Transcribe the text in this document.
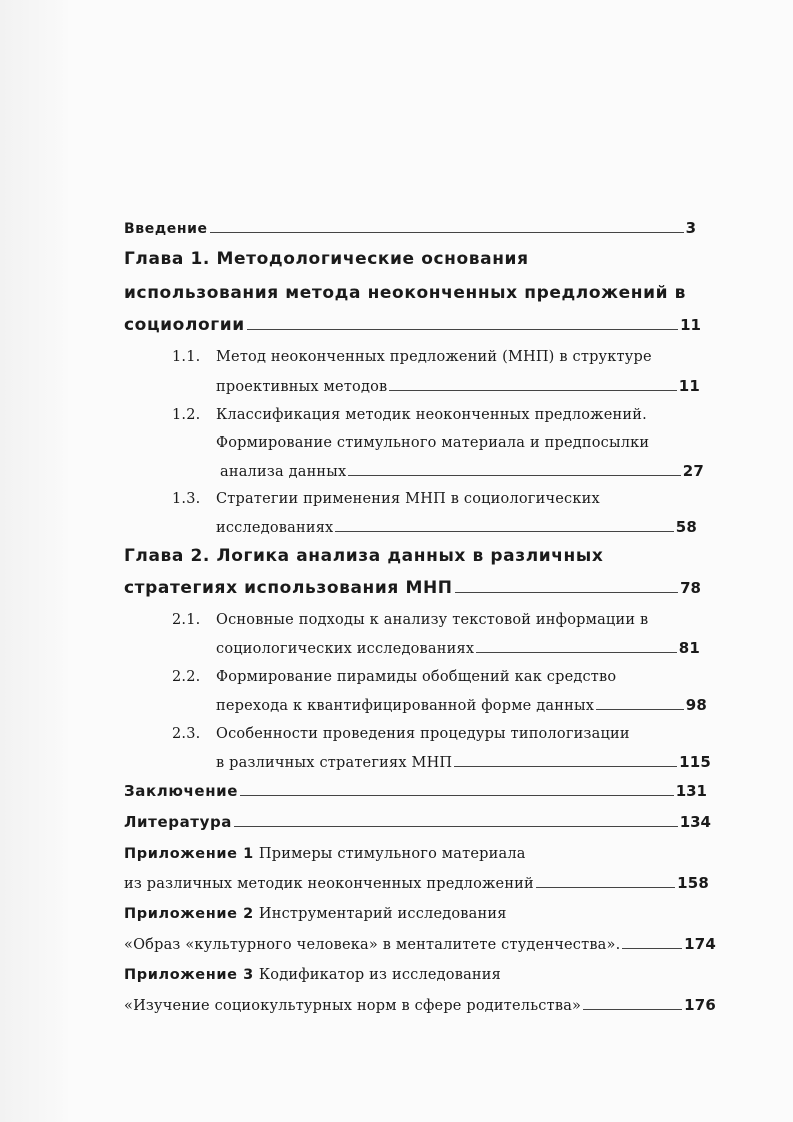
Введение	3
Глава 1. Методологические основания
использования метода неоконченных предложений в
социологии	11
1.1.	Метод неоконченных предложений (МНП) в структуре
проективных методов	11
1.2.	Классификация методик неоконченных предложений.
Формирование стимульного материала и предпосылки
анализа данных	27
1.3.	Стратегии применения МНП в социологических
исследованиях	58
Глава 2. Логика анализа данных в различных
стратегиях использования МНП	78
2.1.	Основные подходы к анализу текстовой информации в
социологических исследованиях	81
2.2.	Формирование пирамиды обобщений как средство
перехода к квантифицированной форме данных	98
2.3.	Особенности проведения процедуры типологизации
в различных стратегиях МНП	115
Заключение	131
Литература	134
Приложение 1 Примеры стимульного материала
из различных методик неоконченных предложений	158
Приложение 2 Инструментарий исследования
«Образ «культурного человека» в менталитете студенчества».	174
Приложение 3 Кодификатор из исследования
«Изучение социокультурных норм в сфере родительства»	176
